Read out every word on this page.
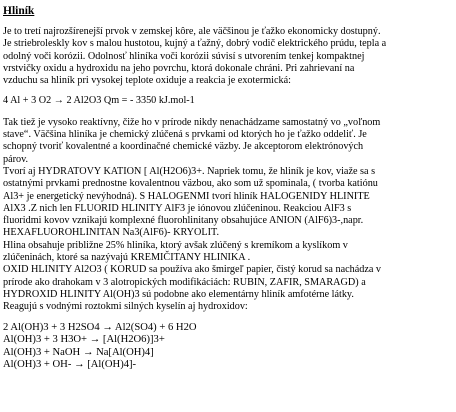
Hliník

Je to tretí najrozšírenejší prvok v zemskej kôre, ale väčšinou je ťažko ekonomicky dostupný.

Je striebroleskly kov s malou hustotou, kujný a ťažný, dobrý vodič elektrického prúdu, tepla a

odolný voči korózii. Odolnosť hliníka voči korózii súvisí s utvorením tenkej kompaktnej

vrstvičky oxidu a hydroxidu na jeho povrchu, ktorá dokonale chráni. Pri zahrievaní na

vzduchu sa hliník pri vysokej teplote oxiduje a reakcia je exotermická:

4 Al + 3 O2 → 2 Al2O3 Qm = - 3350 kJ.mol-1

Tak tiež je vysoko reaktívny, čiže ho v prírode nikdy nenachádzame samostatný vo „voľnom

stave“. Väčšina hliníka je chemický zlúčená s prvkami od ktorých ho je ťažko oddeliť. Je

schopný tvoriť kovalentné a koordinačné chemické väzby. Je akceptorom elektrónových

párov.

Tvorí aj HYDRATOVY KATION [ Al(H2O6)3+. Napriek tomu, že hliník je kov, viaže sa s

ostatnými prvkami prednostne kovalentnou väzbou, ako som už spominala, ( tvorba katiónu

Al3+ je energetický nevýhodná). S HALOGENMI tvorí hliník HALOGENIDY HLINITE

AlX3 .Z nich len FLUORID HLINITY AlF3 je iónovou zlúčeninou. Reakciou AlF3 s

fluoridmi kovov vznikajú komplexné fluorohlinitany obsahujúce ANION (AlF6)3-,napr.

HEXAFLUOROHLINITAN Na3(AlF6)- KRYOLIT.

Hlina obsahuje približne 25% hliníka, ktorý avšak zlúčený s kremíkom a kyslíkom v

zlúčeninách, ktoré sa nazývajú KREMIČITANY HLINIKA .

OXID HLINITY Al2O3 ( KORUD sa používa ako šmirgeľ papier, čistý korud sa nachádza v

prírode ako drahokam v 3 alotropických modifikáciách: RUBIN, ZAFIR, SMARAGD) a

HYDROXID HLINITY Al(OH)3 sú podobne ako elementárny hliník amfotérne látky.

Reagujú s vodnými roztokmi silných kyselín aj hydroxidov:

2 Al(OH)3 + 3 H2SO4 → Al2(SO4) + 6 H2O

Al(OH)3 + 3 H3O+ → [Al(H2O6)]3+

Al(OH)3 + NaOH → Na[Al(OH)4]

Al(OH)3 + OH- → [Al(OH)4]-
